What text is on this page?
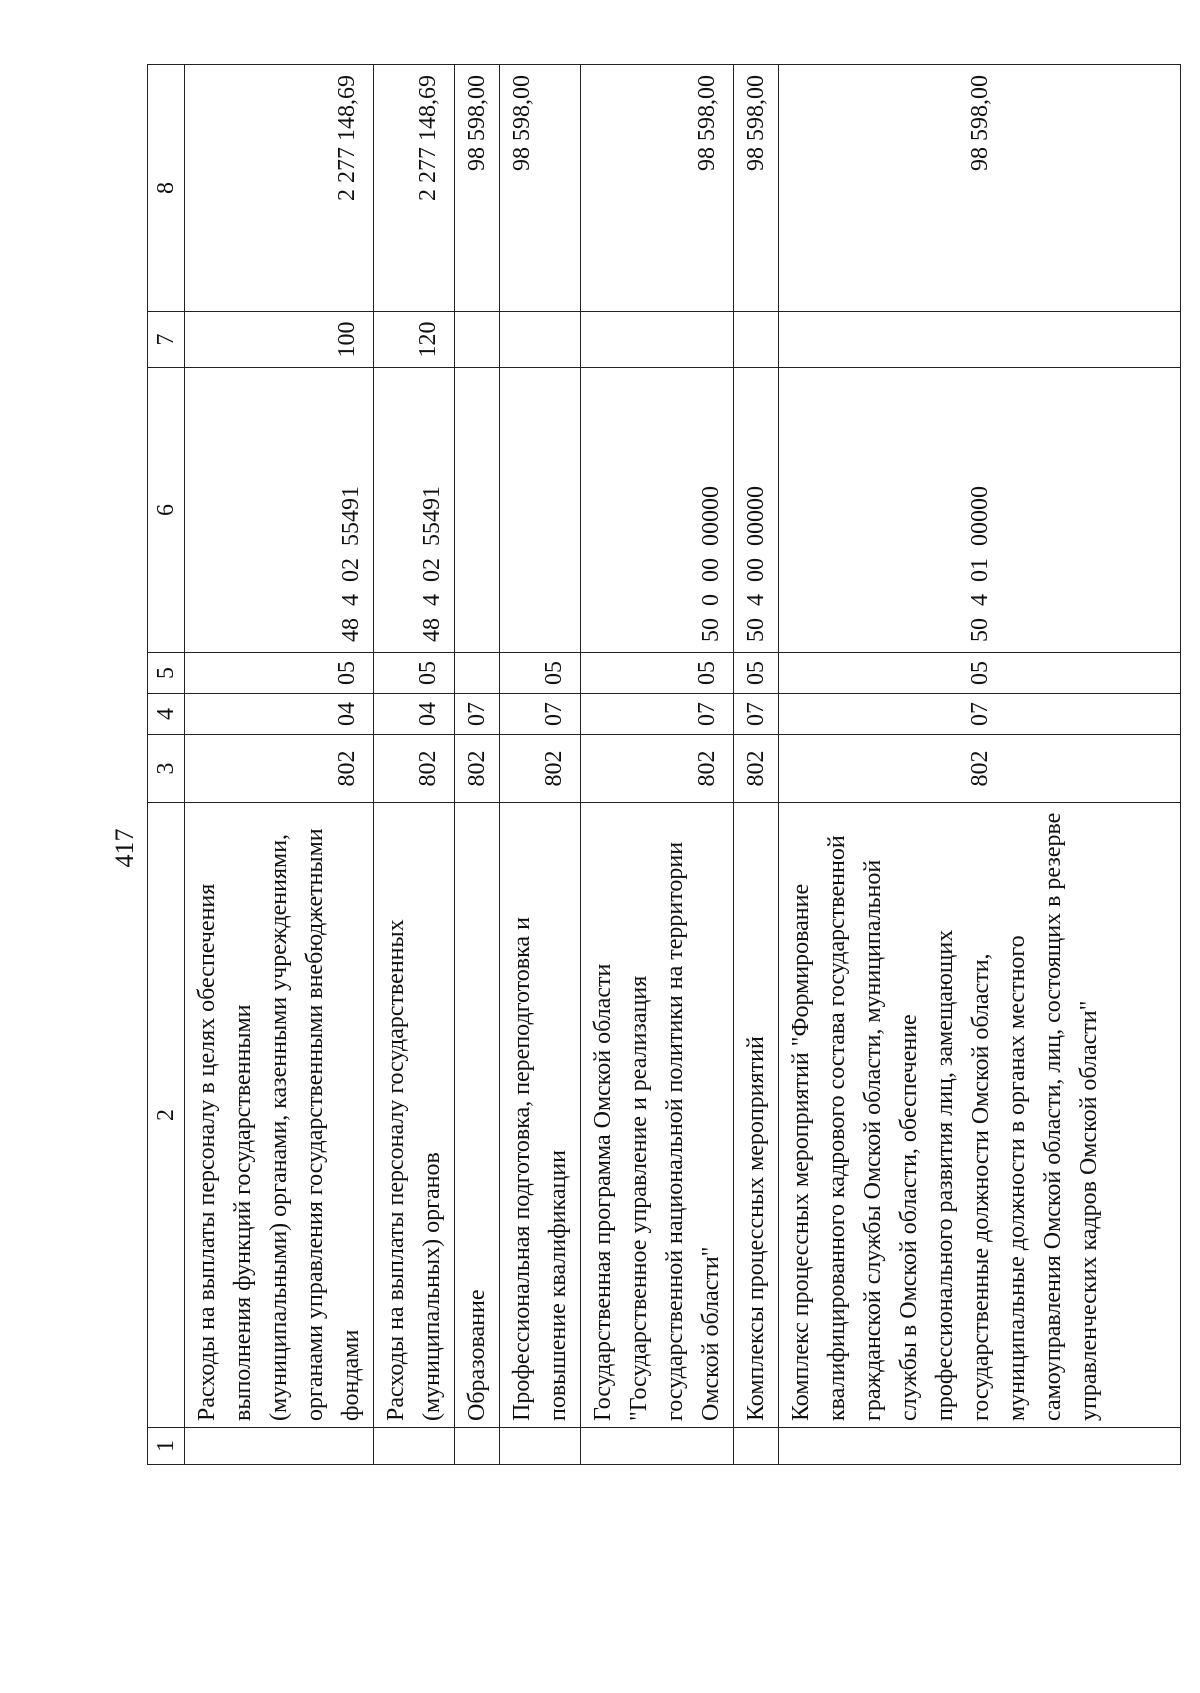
417
1	2	3	4	5	6	7	8
	Расходы на выплаты персоналу в целях обеспечения выполнения функций государственными (муниципальными) органами, казенными учреждениями, органами управления государственными внебюджетными фондами	802	04	05	48  4  02  55491	100	2 277 148,69
	Расходы на выплаты персоналу государственных (муниципальных) органов	802	04	05	48  4  02  55491	120	2 277 148,69
	Образование	802	07				98 598,00
	Профессиональная подготовка, переподготовка и повышение квалификации	802	07	05			98 598,00
	Государственная программа Омской области "Государственное управление и реализация государственной национальной политики на территории Омской области"	802	07	05	50  0  00  00000		98 598,00
	Комплексы процессных мероприятий	802	07	05	50  4  00  00000		98 598,00
	Комплекс процессных мероприятий "Формирование квалифицированного кадрового состава государственной гражданской службы Омской области, муниципальной службы в Омской области, обеспечение профессионального развития лиц, замещающих государственные должности Омской области, муниципальные должности в органах местного самоуправления Омской области, лиц, состоящих в резерве управленческих кадров Омской области"	802	07	05	50  4  01  00000		98 598,00
